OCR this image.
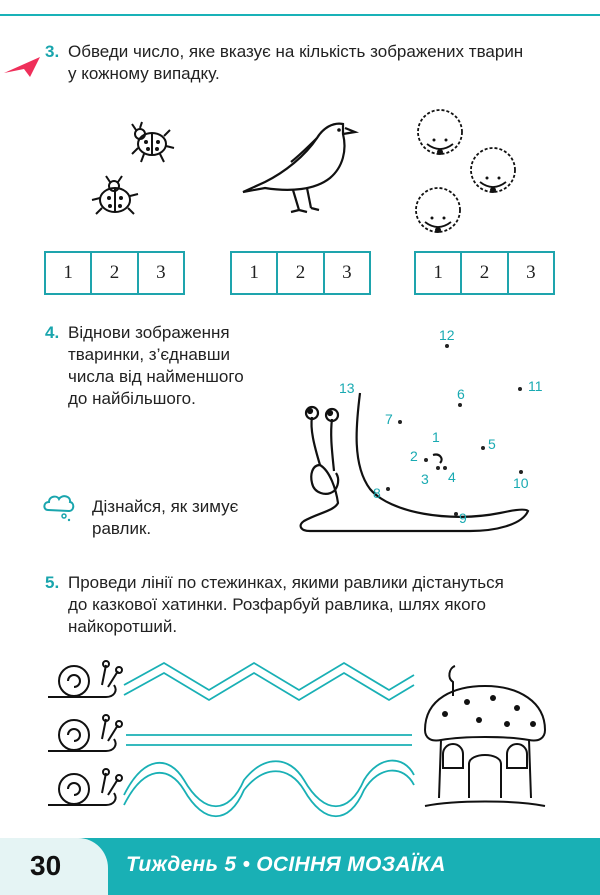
3. Обведи число, яке вказує на кількість зображених тварин
у кожному випадку.
1	2	3	1	2	3	1	2	3
4. Віднови зображення
тваринки, з’єднавши
числа від найменшого
до найбільшого.
Дізнайся, як зимує
равлик.
12
11
13	6
7
1	5
2
3 4	10
8
9
5. Проведи лінії по стежинках, якими равлики дістануться
до казкової хатинки. Розфарбуй равлика, шлях якого
найкоротший.
30	Тиждень 5 • ОСІННЯ МОЗАЇКА
